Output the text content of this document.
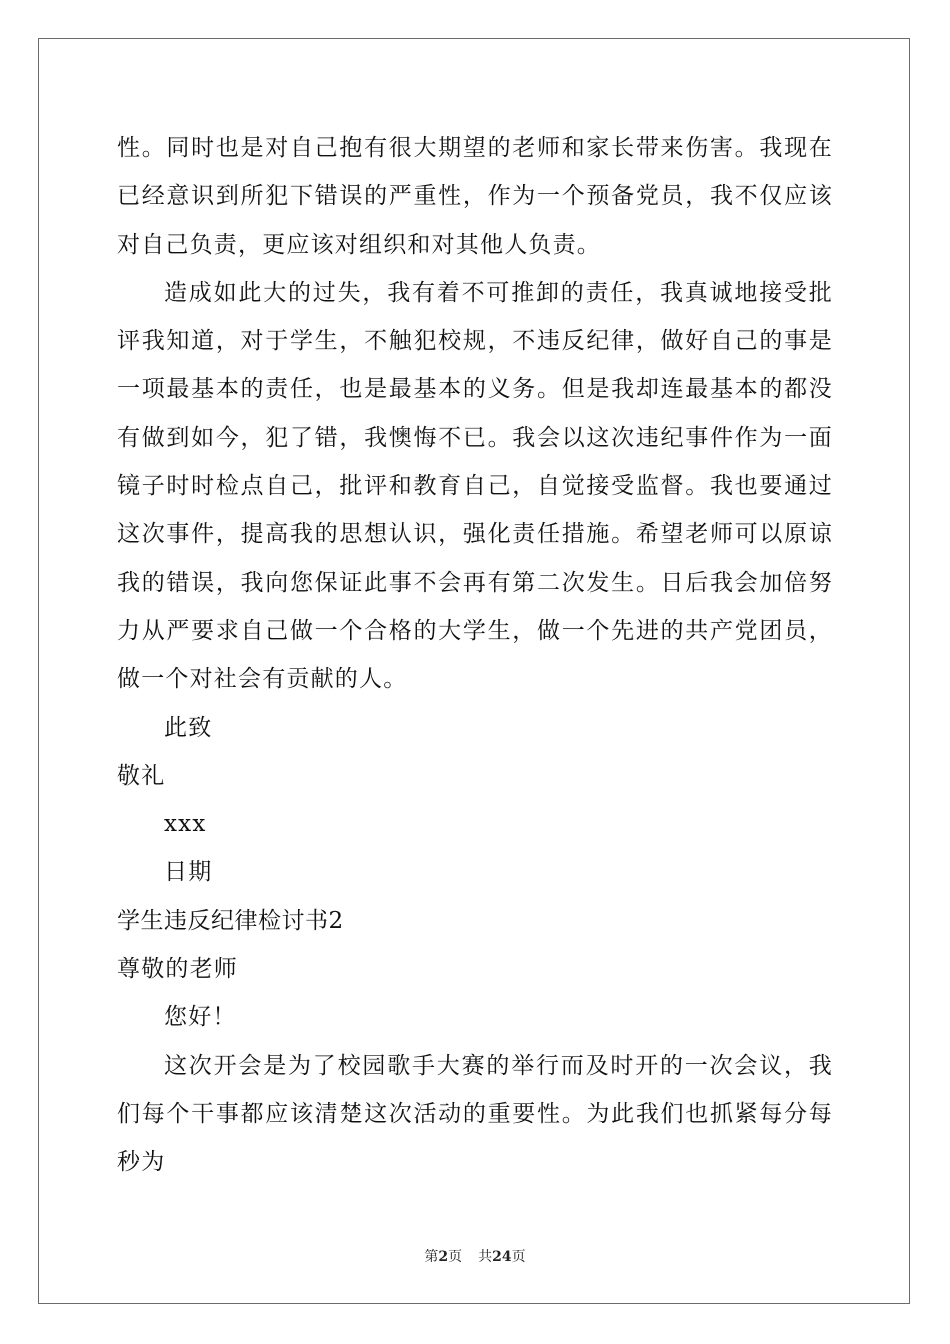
性。同时也是对自己抱有很大期望的老师和家长带来伤害。我现在已经意识到所犯下错误的严重性，作为一个预备党员，我不仅应该对自己负责，更应该对组织和对其他人负责。

造成如此大的过失，我有着不可推卸的责任，我真诚地接受批评我知道，对于学生，不触犯校规，不违反纪律，做好自己的事是一项最基本的责任，也是最基本的义务。但是我却连最基本的都没有做到如今，犯了错，我懊悔不已。我会以这次违纪事件作为一面镜子时时检点自己，批评和教育自己，自觉接受监督。我也要通过这次事件，提高我的思想认识，强化责任措施。希望老师可以原谅我的错误，我向您保证此事不会再有第二次发生。日后我会加倍努力从严要求自己做一个合格的大学生，做一个先进的共产党团员，做一个对社会有贡献的人。

此致

敬礼

xxx

日期

学生违反纪律检讨书2

尊敬的老师

您好！

这次开会是为了校园歌手大赛的举行而及时开的一次会议，我们每个干事都应该清楚这次活动的重要性。为此我们也抓紧每分每秒为

第2页 共24页
